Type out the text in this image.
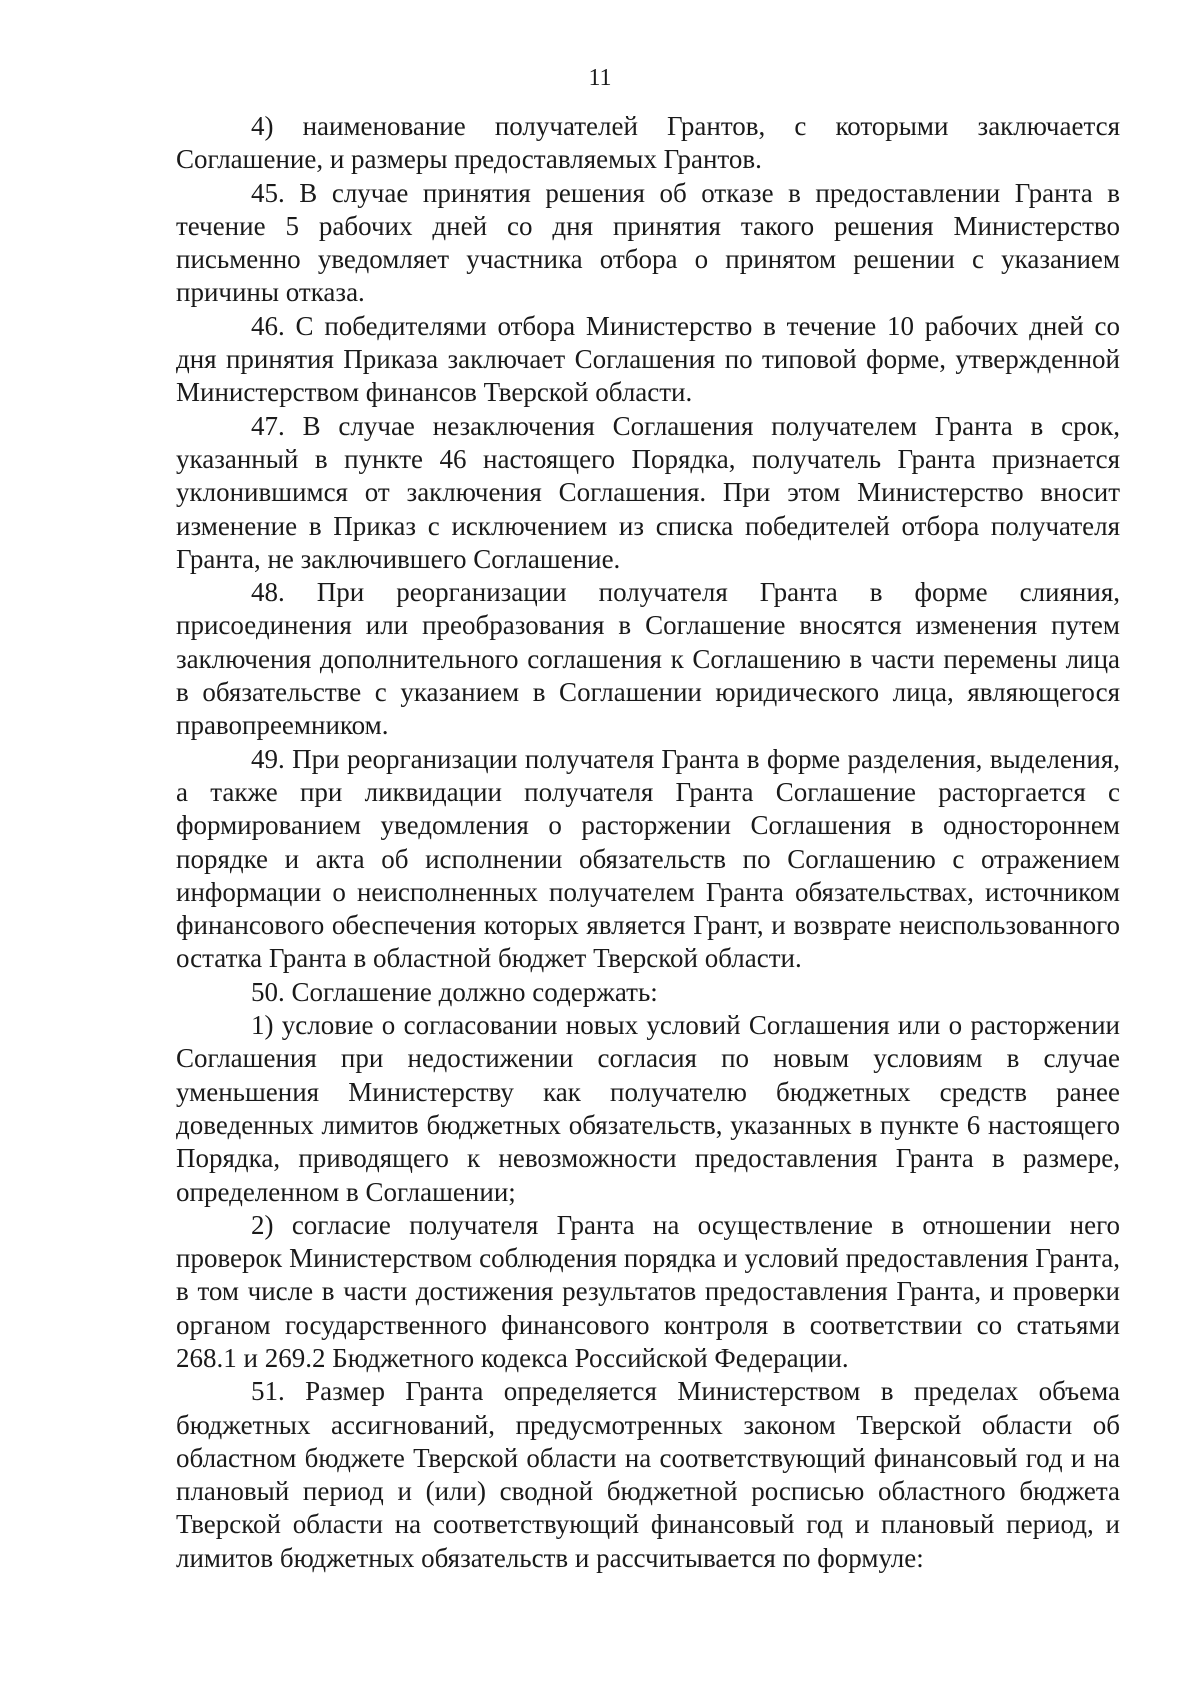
11

4) наименование получателей Грантов, с которыми заключается Соглашение, и размеры предоставляемых Грантов.

45. В случае принятия решения об отказе в предоставлении Гранта в течение 5 рабочих дней со дня принятия такого решения Министерство письменно уведомляет участника отбора о принятом решении с указанием причины отказа.

46. С победителями отбора Министерство в течение 10 рабочих дней со дня принятия Приказа заключает Соглашения по типовой форме, утвержденной Министерством финансов Тверской области.

47. В случае незаключения Соглашения получателем Гранта в срок, указанный в пункте 46 настоящего Порядка, получатель Гранта признается уклонившимся от заключения Соглашения. При этом Министерство вносит изменение в Приказ с исключением из списка победителей отбора получателя Гранта, не заключившего Соглашение.

48. При реорганизации получателя Гранта в форме слияния, присоединения или преобразования в Соглашение вносятся изменения путем заключения дополнительного соглашения к Соглашению в части перемены лица в обязательстве с указанием в Соглашении юридического лица, являющегося правопреемником.

49. При реорганизации получателя Гранта в форме разделения, выделения, а также при ликвидации получателя Гранта Соглашение расторгается с формированием уведомления о расторжении Соглашения в одностороннем порядке и акта об исполнении обязательств по Соглашению с отражением информации о неисполненных получателем Гранта обязательствах, источником финансового обеспечения которых является Грант, и возврате неиспользованного остатка Гранта в областной бюджет Тверской области.

50. Соглашение должно содержать:

1) условие о согласовании новых условий Соглашения или о расторжении Соглашения при недостижении согласия по новым условиям в случае уменьшения Министерству как получателю бюджетных средств ранее доведенных лимитов бюджетных обязательств, указанных в пункте 6 настоящего Порядка, приводящего к невозможности предоставления Гранта в размере, определенном в Соглашении;

2) согласие получателя Гранта на осуществление в отношении него проверок Министерством соблюдения порядка и условий предоставления Гранта, в том числе в части достижения результатов предоставления Гранта, и проверки органом государственного финансового контроля в соответствии со статьями 268.1 и 269.2 Бюджетного кодекса Российской Федерации.

51. Размер Гранта определяется Министерством в пределах объема бюджетных ассигнований, предусмотренных законом Тверской области об областном бюджете Тверской области на соответствующий финансовый год и на плановый период и (или) сводной бюджетной росписью областного бюджета Тверской области на соответствующий финансовый год и плановый период, и лимитов бюджетных обязательств и рассчитывается по формуле:
